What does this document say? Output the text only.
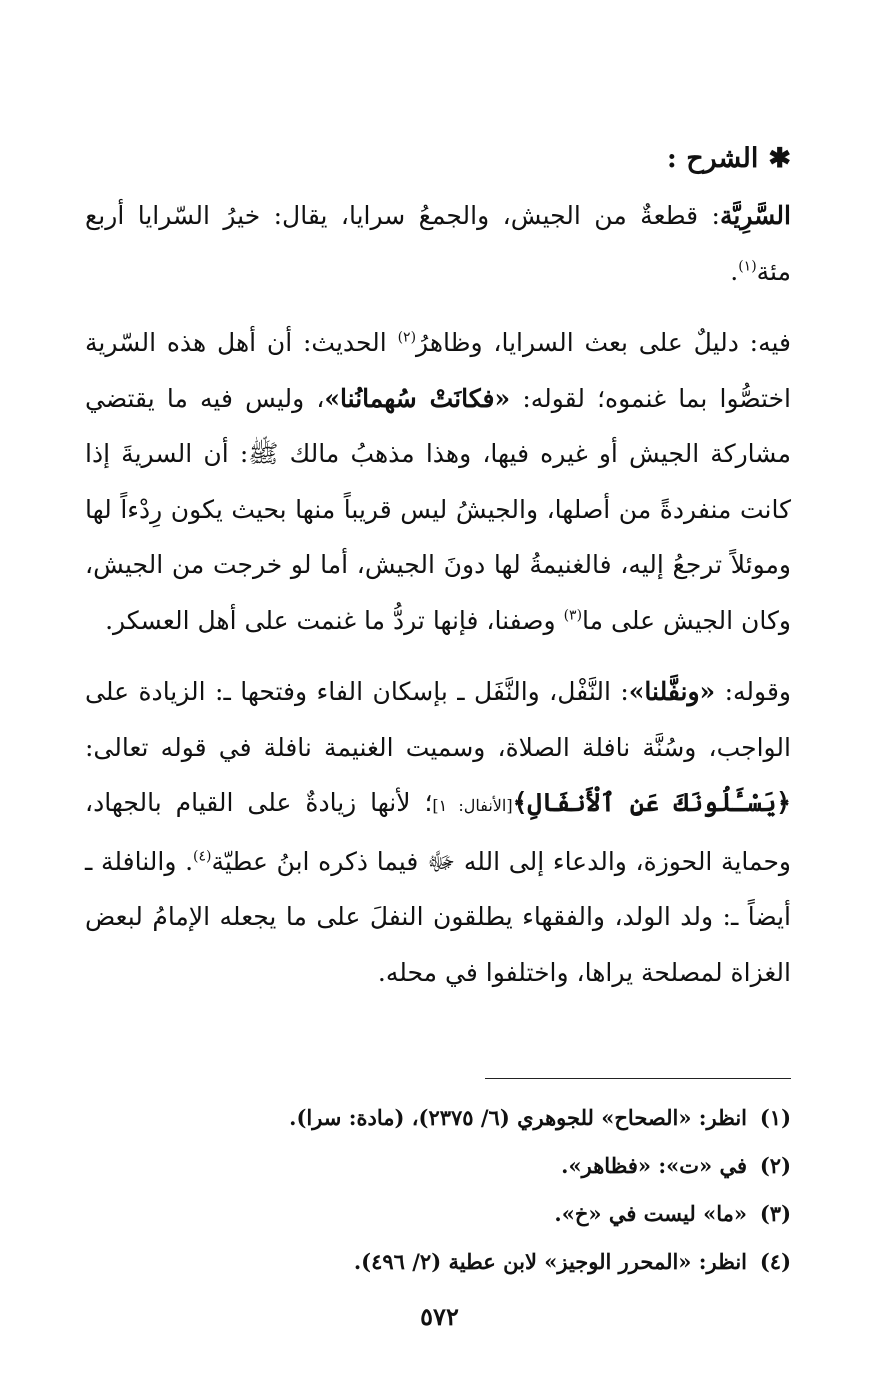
✱الشرح :

السَّرِيَّة: قطعةٌ من الجيش، والجمعُ سرايا، يقال: خيرُ السّرايا أربع مئة$^{(١)}$.

فيه: دليلٌ على بعث السرايا، وظاهرُ$^{(٢)}$ الحديث: أن أهل هذه السّرية اختصُّوا بما غنموه؛ لقوله: «فكانَتْ سُهمانُنا»، وليس فيه ما يقتضي مشاركة الجيش أو غيره فيها، وهذا مذهبُ مالك ﷺ: أن السريةَ إذا كانت منفردةً من أصلها، والجيشُ ليس قريباً منها بحيث يكون رِدْءاً لها وموئلاً ترجعُ إليه، فالغنيمةُ لها دونَ الجيش، أما لو خرجت من الجيش، وكان الجيش على ما$^{(٣)}$ وصفنا، فإنها تردُّ ما غنمت على أهل العسكر.

وقوله: «ونفَّلنا»: النَّفْل، والنَّفَل ـ بإسكان الفاء وفتحها ـ: الزيادة على الواجب، وسُنَّة نافلة الصلاة، وسميت الغنيمة نافلة في قوله تعالى: ﴿يَسْـَٔلُونَكَ عَنِ ٱلْأَنفَالِ﴾[الأنفال: ١]؛ لأنها زيادةٌ على القيام بالجهاد، وحماية الحوزة، والدعاء إلى الله ﷻ فيما ذكره ابنُ عطيّة$^{(٤)}$. والنافلة ـ أيضاً ـ: ولد الولد، والفقهاء يطلقون النفلَ على ما يجعله الإمامُ لبعض الغزاة لمصلحة يراها، واختلفوا في محله.

(١)
انظر: «الصحاح» للجوهري (٦/ ٢٣٧٥)، (مادة: سرا).
(٢)
في «ت»: «فظاهر».
(٣)
«ما» ليست في «خ».
(٤)
انظر: «المحرر الوجيز» لابن عطية (٢/ ٤٩٦).
٥٧٢
